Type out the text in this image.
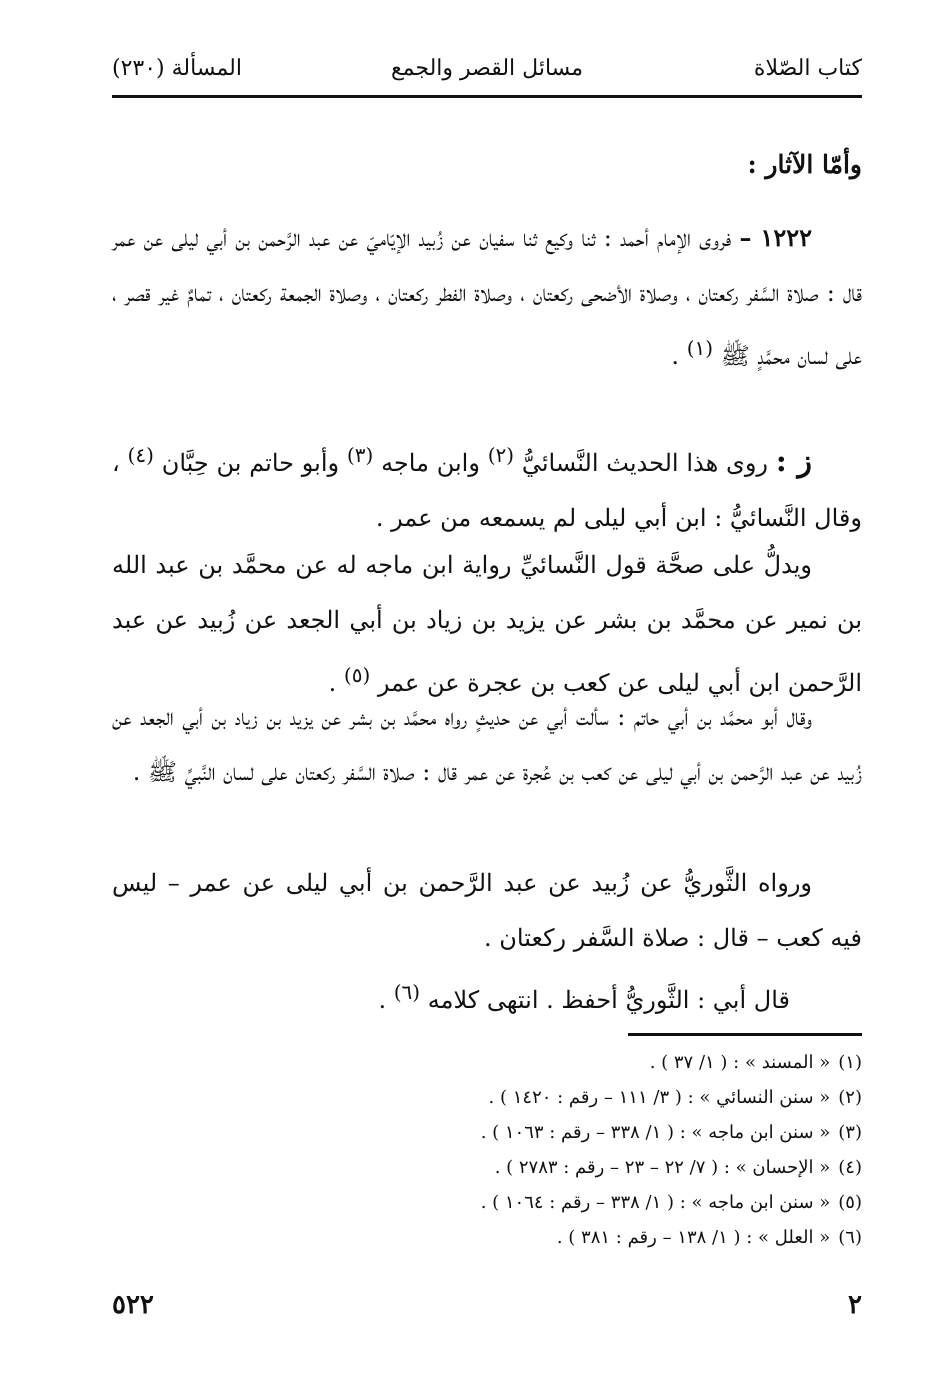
كتاب الصّلاة
مسائل القصر والجمع
المسألة (٢٣٠)
وأمّا الآثار :

١٢٢٢ – فروى الإمام أحمد : ثنا وكيع ثنا سفيان عن زُبيد الإيّاميّ عن عبد الرَّحمن بن أبي ليلى عن عمر قال : صلاة السَّفر ركعتان ، وصلاة الأضحى ركعتان ، وصلاة الفطر ركعتان ، وصلاة الجمعة ركعتان ، تمامٌ غير قصر ، على لسان محمَّدٍ ﷺ $^{(١)}$ .

ز : روى هذا الحديث النَّسائيُّ $^{(٢)}$ وابن ماجه $^{(٣)}$ وأبو حاتم بن حِبَّان $^{(٤)}$ ، وقال النَّسائيُّ : ابن أبي ليلى لم يسمعه من عمر .

ويدلُّ على صحَّة قول النَّسائيِّ رواية ابن ماجه له عن محمَّد بن عبد الله بن نمير عن محمَّد بن بشر عن يزيد بن زياد بن أبي الجعد عن زُبيد عن عبد الرَّحمن ابن أبي ليلى عن كعب بن عجرة عن عمر $^{(٥)}$ .

وقال أبو محمَّد بن أبي حاتم : سألت أبي عن حديثٍ رواه محمَّد بن بشر عن يزيد بن زياد بن أبي الجعد عن زُبيد عن عبد الرَّحمن بن أبي ليلى عن كعب بن عُجرة عن عمر قال : صلاة السَّفر ركعتان على لسان النَّبيِّ ﷺ .

ورواه الثَّوريُّ عن زُبيد عن عبد الرَّحمن بن أبي ليلى عن عمر – ليس فيه كعب – قال : صلاة السَّفر ركعتان .

قال أبي : الثَّوريُّ أحفظ . انتهى كلامه $^{(٦)}$ .

(١)« المسند » : ( ١/ ٣٧ ) .
(٢)« سنن النسائي » : ( ٣/ ١١١ – رقم : ١٤٢٠ ) .
(٣)« سنن ابن ماجه » : ( ١/ ٣٣٨ – رقم : ١٠٦٣ ) .
(٤)« الإحسان » : ( ٧/ ٢٢ – ٢٣ – رقم : ٢٧٨٣ ) .
(٥)« سنن ابن ماجه » : ( ١/ ٣٣٨ – رقم : ١٠٦٤ ) .
(٦)« العلل » : ( ١/ ١٣٨ – رقم : ٣٨١ ) .
٥٢٢	٢
